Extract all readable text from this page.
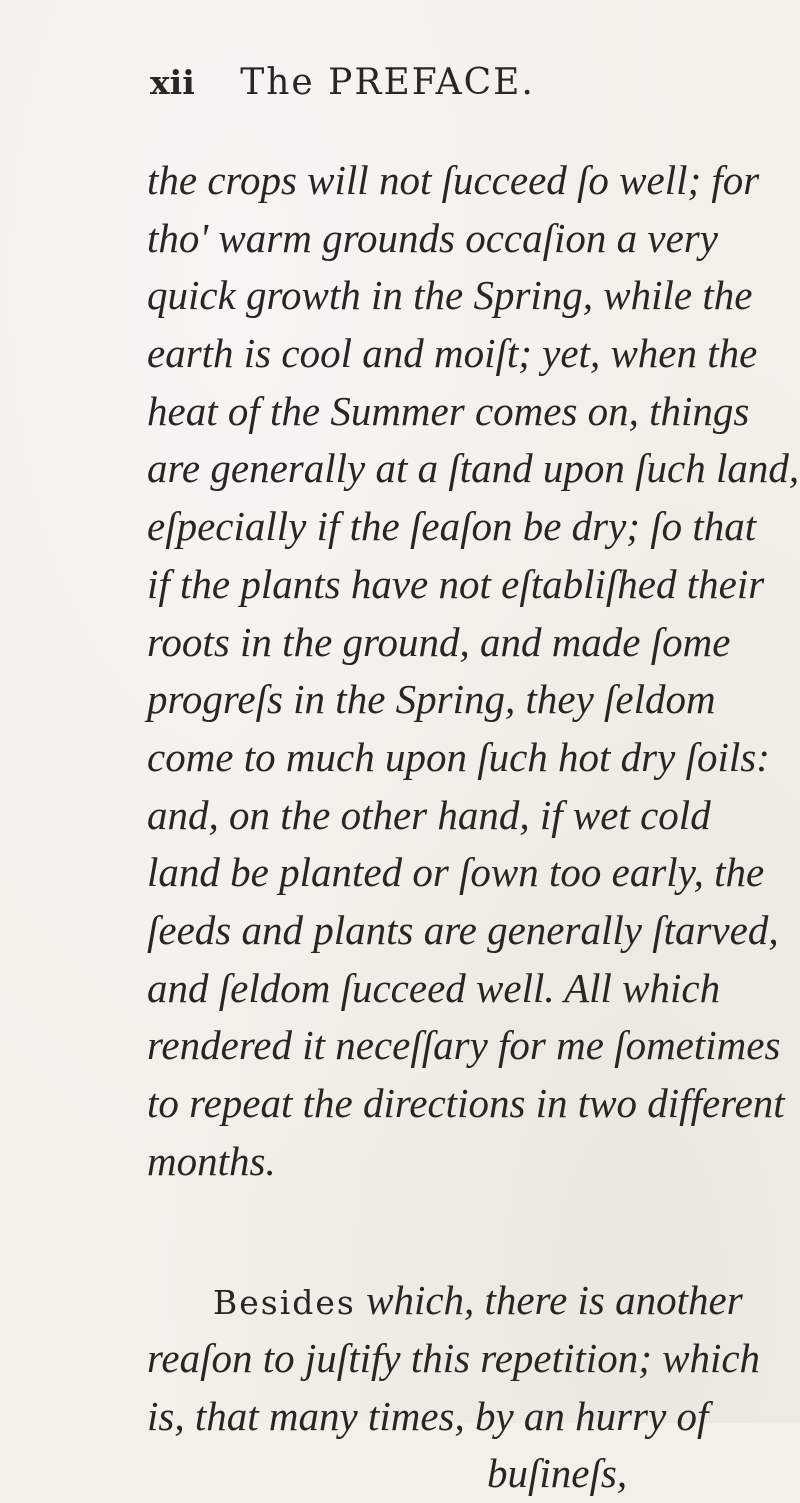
xii The PREFACE.
the crops will not ſucceed ſo well; for
tho' warm grounds occaſion a very
quick growth in the Spring, while the
earth is cool and moiſt; yet, when the
heat of the Summer comes on, things
are generally at a ſtand upon ſuch land,
eſpecially if the ſeaſon be dry; ſo that
if the plants have not eſtabliſhed their
roots in the ground, and made ſome
progreſs in the Spring, they ſeldom
come to much upon ſuch hot dry ſoils:
and, on the other hand, if wet cold
land be planted or ſown too early, the
ſeeds and plants are generally ſtarved,
and ſeldom ſucceed well. All which
rendered it neceſſary for me ſometimes
to repeat the directions in two different
months.
Besides which, there is another
reaſon to juſtify this repetition; which
is, that many times, by an hurry of
buſineſs,
